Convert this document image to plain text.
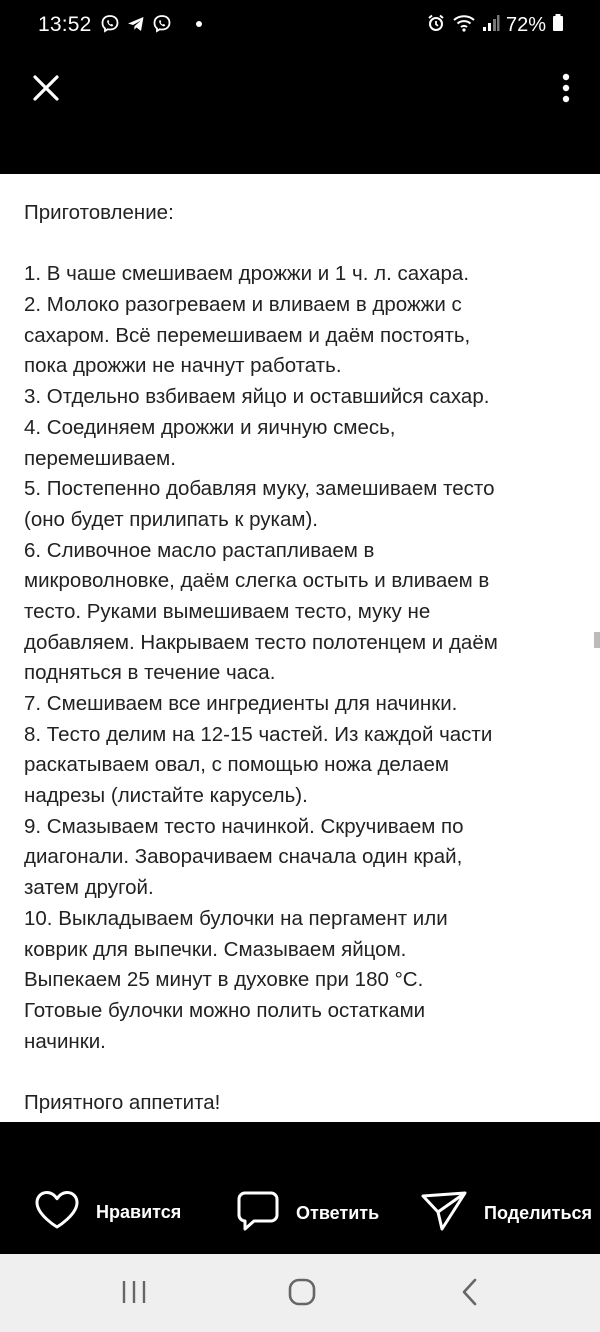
13:52	72%
Приготовление:
1. В чаше смешиваем дрожжи и 1 ч. л. сахара.
2. Молоко разогреваем и вливаем в дрожжи с
сахаром. Всё перемешиваем и даём постоять,
пока дрожжи не начнут работать.
3. Отдельно взбиваем яйцо и оставшийся сахар.
4. Соединяем дрожжи и яичную смесь,
перемешиваем.
5. Постепенно добавляя муку, замешиваем тесто
(оно будет прилипать к рукам).
6. Сливочное масло растапливаем в
микроволновке, даём слегка остыть и вливаем в
тесто. Руками вымешиваем тесто, муку не
добавляем. Накрываем тесто полотенцем и даём
подняться в течение часа.
7. Смешиваем все ингредиенты для начинки.
8. Тесто делим на 12-15 частей. Из каждой части
раскатываем овал, с помощью ножа делаем
надрезы (листайте карусель).
9. Смазываем тесто начинкой. Скручиваем по
диагонали. Заворачиваем сначала один край,
затем другой.
10. Выкладываем булочки на пергамент или
коврик для выпечки. Смазываем яйцом.
Выпекаем 25 минут в духовке при 180 °С.
Готовые булочки можно полить остатками
начинки.
Приятного аппетита!
Нравится	Ответить	Поделиться
